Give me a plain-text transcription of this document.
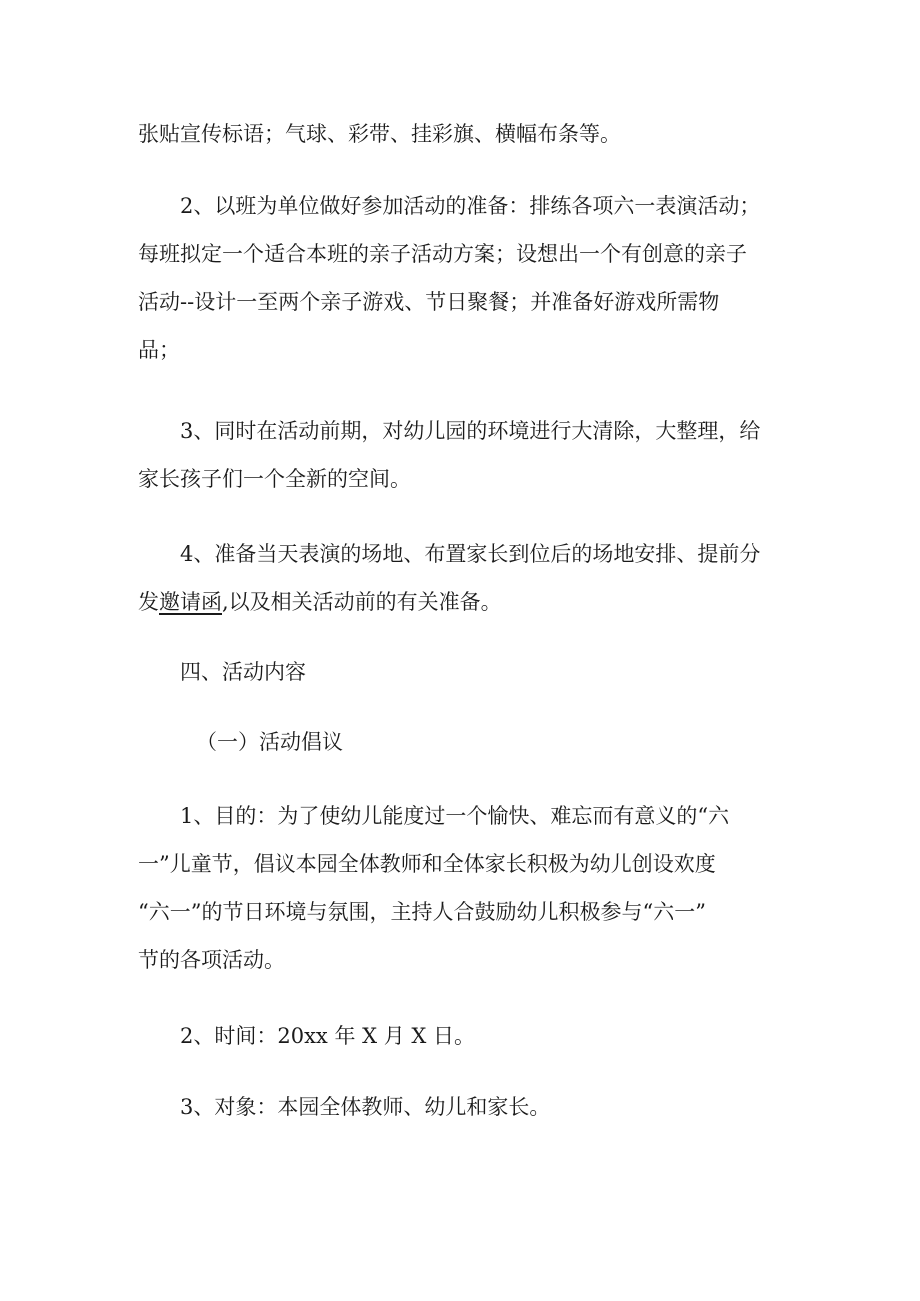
张贴宣传标语；气球、彩带、挂彩旗、横幅布条等。

2、以班为单位做好参加活动的准备：排练各项六一表演活动；
每班拟定一个适合本班的亲子活动方案；设想出一个有创意的亲子
活动--设计一至两个亲子游戏、节日聚餐；并准备好游戏所需物
品；

3、同时在活动前期，对幼儿园的环境进行大清除，大整理，给
家长孩子们一个全新的空间。

4、准备当天表演的场地、布置家长到位后的场地安排、提前分
发邀请函,以及相关活动前的有关准备。

四、活动内容

（一）活动倡议

1、目的：为了使幼儿能度过一个愉快、难忘而有意义的“六
一”儿童节，倡议本园全体教师和全体家长积极为幼儿创设欢度
“六一”的节日环境与氛围，主持人合鼓励幼儿积极参与“六一”
节的各项活动。

2、时间：20xx 年 X 月 X 日。

3、对象：本园全体教师、幼儿和家长。
